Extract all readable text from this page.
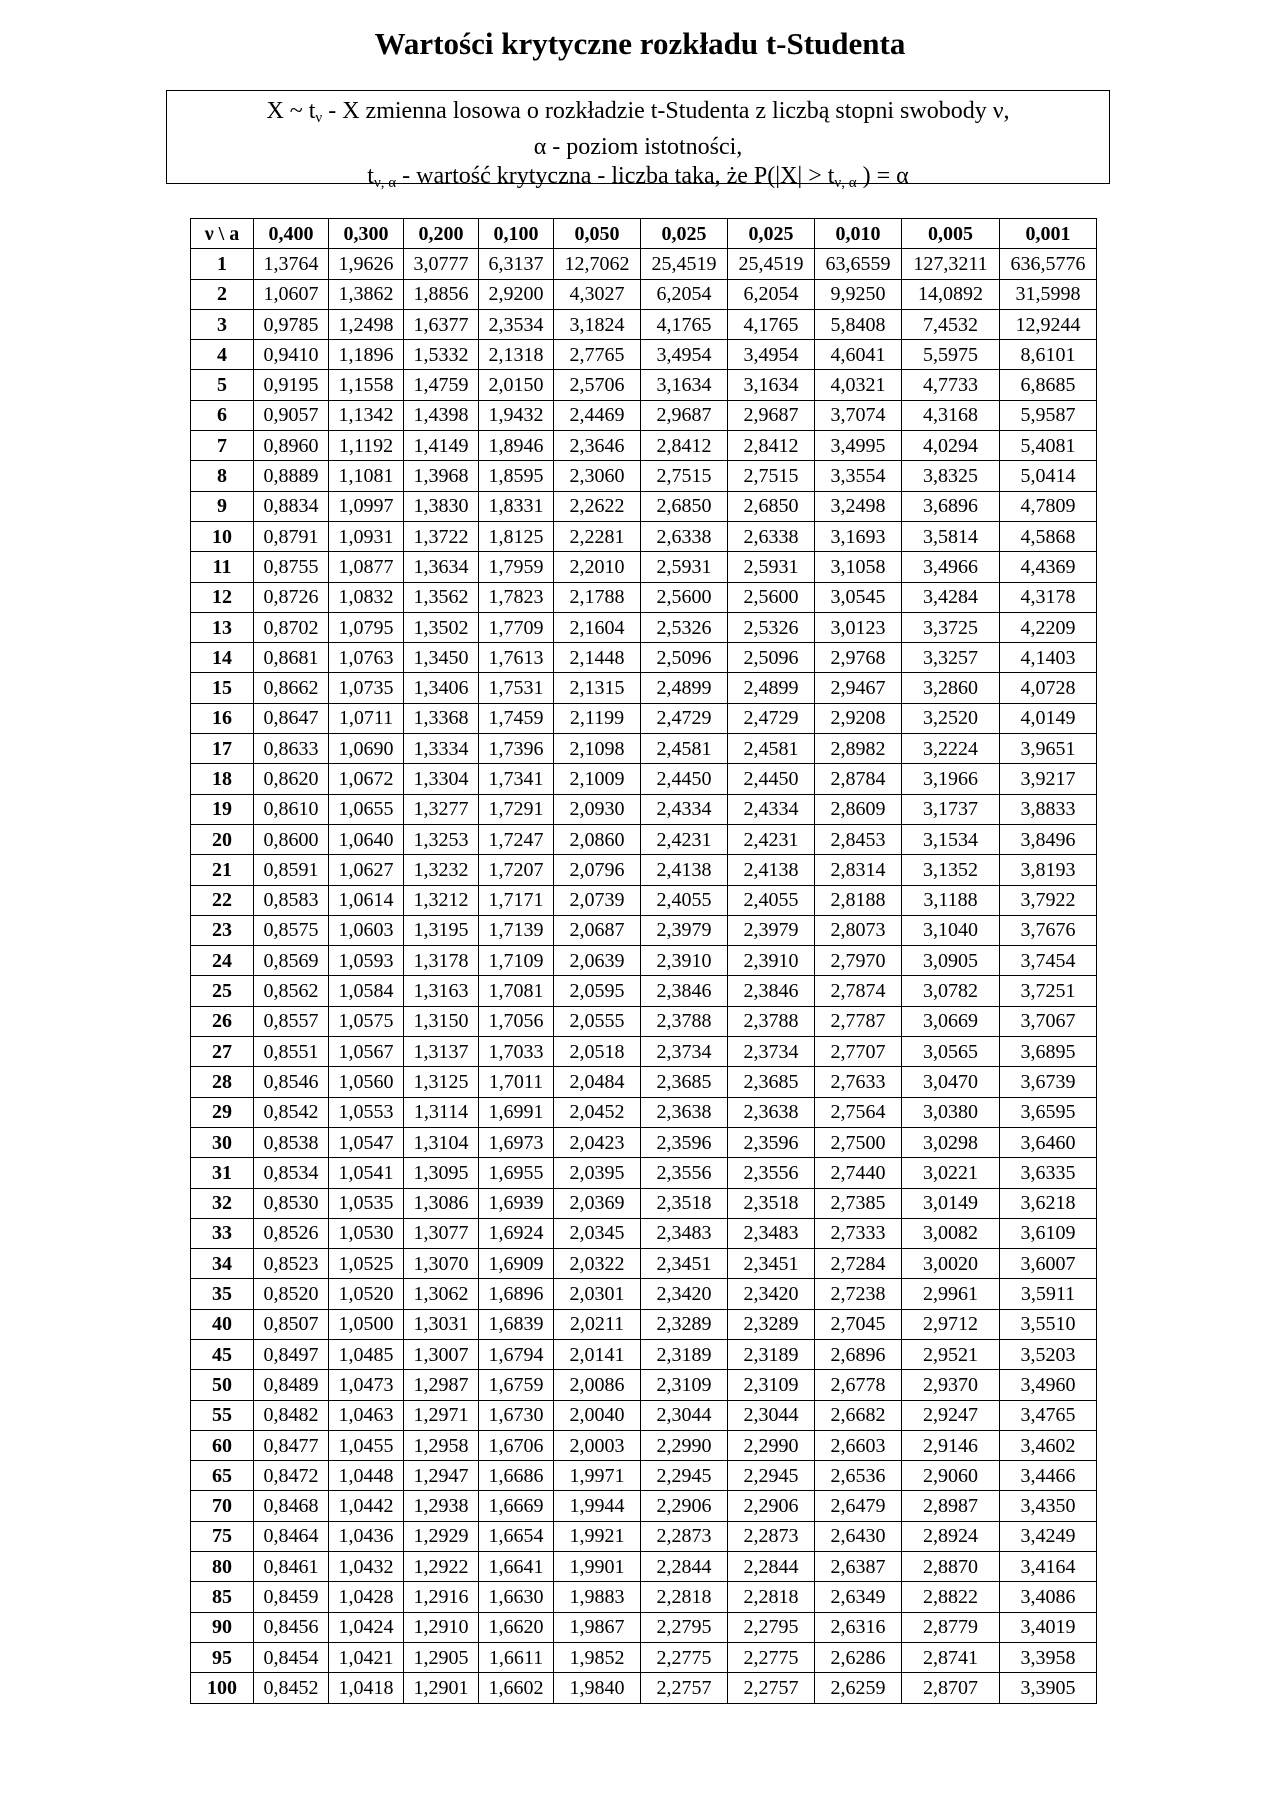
Wartości krytyczne rozkładu t-Studenta
X ~ tν - X zmienna losowa o rozkładzie t-Studenta z liczbą stopni swobody ν,
α - poziom istotności,
tν, α - wartość krytyczna - liczba taka, że P(|X| > tν, α ) = α
ν \ a	0,400	0,300	0,200	0,100	0,050	0,025	0,025	0,010	0,005	0,001
1	1,3764	1,9626	3,0777	6,3137	12,7062	25,4519	25,4519	63,6559	127,3211	636,5776
2	1,0607	1,3862	1,8856	2,9200	4,3027	6,2054	6,2054	9,9250	14,0892	31,5998
3	0,9785	1,2498	1,6377	2,3534	3,1824	4,1765	4,1765	5,8408	7,4532	12,9244
4	0,9410	1,1896	1,5332	2,1318	2,7765	3,4954	3,4954	4,6041	5,5975	8,6101
5	0,9195	1,1558	1,4759	2,0150	2,5706	3,1634	3,1634	4,0321	4,7733	6,8685
6	0,9057	1,1342	1,4398	1,9432	2,4469	2,9687	2,9687	3,7074	4,3168	5,9587
7	0,8960	1,1192	1,4149	1,8946	2,3646	2,8412	2,8412	3,4995	4,0294	5,4081
8	0,8889	1,1081	1,3968	1,8595	2,3060	2,7515	2,7515	3,3554	3,8325	5,0414
9	0,8834	1,0997	1,3830	1,8331	2,2622	2,6850	2,6850	3,2498	3,6896	4,7809
10	0,8791	1,0931	1,3722	1,8125	2,2281	2,6338	2,6338	3,1693	3,5814	4,5868
11	0,8755	1,0877	1,3634	1,7959	2,2010	2,5931	2,5931	3,1058	3,4966	4,4369
12	0,8726	1,0832	1,3562	1,7823	2,1788	2,5600	2,5600	3,0545	3,4284	4,3178
13	0,8702	1,0795	1,3502	1,7709	2,1604	2,5326	2,5326	3,0123	3,3725	4,2209
14	0,8681	1,0763	1,3450	1,7613	2,1448	2,5096	2,5096	2,9768	3,3257	4,1403
15	0,8662	1,0735	1,3406	1,7531	2,1315	2,4899	2,4899	2,9467	3,2860	4,0728
16	0,8647	1,0711	1,3368	1,7459	2,1199	2,4729	2,4729	2,9208	3,2520	4,0149
17	0,8633	1,0690	1,3334	1,7396	2,1098	2,4581	2,4581	2,8982	3,2224	3,9651
18	0,8620	1,0672	1,3304	1,7341	2,1009	2,4450	2,4450	2,8784	3,1966	3,9217
19	0,8610	1,0655	1,3277	1,7291	2,0930	2,4334	2,4334	2,8609	3,1737	3,8833
20	0,8600	1,0640	1,3253	1,7247	2,0860	2,4231	2,4231	2,8453	3,1534	3,8496
21	0,8591	1,0627	1,3232	1,7207	2,0796	2,4138	2,4138	2,8314	3,1352	3,8193
22	0,8583	1,0614	1,3212	1,7171	2,0739	2,4055	2,4055	2,8188	3,1188	3,7922
23	0,8575	1,0603	1,3195	1,7139	2,0687	2,3979	2,3979	2,8073	3,1040	3,7676
24	0,8569	1,0593	1,3178	1,7109	2,0639	2,3910	2,3910	2,7970	3,0905	3,7454
25	0,8562	1,0584	1,3163	1,7081	2,0595	2,3846	2,3846	2,7874	3,0782	3,7251
26	0,8557	1,0575	1,3150	1,7056	2,0555	2,3788	2,3788	2,7787	3,0669	3,7067
27	0,8551	1,0567	1,3137	1,7033	2,0518	2,3734	2,3734	2,7707	3,0565	3,6895
28	0,8546	1,0560	1,3125	1,7011	2,0484	2,3685	2,3685	2,7633	3,0470	3,6739
29	0,8542	1,0553	1,3114	1,6991	2,0452	2,3638	2,3638	2,7564	3,0380	3,6595
30	0,8538	1,0547	1,3104	1,6973	2,0423	2,3596	2,3596	2,7500	3,0298	3,6460
31	0,8534	1,0541	1,3095	1,6955	2,0395	2,3556	2,3556	2,7440	3,0221	3,6335
32	0,8530	1,0535	1,3086	1,6939	2,0369	2,3518	2,3518	2,7385	3,0149	3,6218
33	0,8526	1,0530	1,3077	1,6924	2,0345	2,3483	2,3483	2,7333	3,0082	3,6109
34	0,8523	1,0525	1,3070	1,6909	2,0322	2,3451	2,3451	2,7284	3,0020	3,6007
35	0,8520	1,0520	1,3062	1,6896	2,0301	2,3420	2,3420	2,7238	2,9961	3,5911
40	0,8507	1,0500	1,3031	1,6839	2,0211	2,3289	2,3289	2,7045	2,9712	3,5510
45	0,8497	1,0485	1,3007	1,6794	2,0141	2,3189	2,3189	2,6896	2,9521	3,5203
50	0,8489	1,0473	1,2987	1,6759	2,0086	2,3109	2,3109	2,6778	2,9370	3,4960
55	0,8482	1,0463	1,2971	1,6730	2,0040	2,3044	2,3044	2,6682	2,9247	3,4765
60	0,8477	1,0455	1,2958	1,6706	2,0003	2,2990	2,2990	2,6603	2,9146	3,4602
65	0,8472	1,0448	1,2947	1,6686	1,9971	2,2945	2,2945	2,6536	2,9060	3,4466
70	0,8468	1,0442	1,2938	1,6669	1,9944	2,2906	2,2906	2,6479	2,8987	3,4350
75	0,8464	1,0436	1,2929	1,6654	1,9921	2,2873	2,2873	2,6430	2,8924	3,4249
80	0,8461	1,0432	1,2922	1,6641	1,9901	2,2844	2,2844	2,6387	2,8870	3,4164
85	0,8459	1,0428	1,2916	1,6630	1,9883	2,2818	2,2818	2,6349	2,8822	3,4086
90	0,8456	1,0424	1,2910	1,6620	1,9867	2,2795	2,2795	2,6316	2,8779	3,4019
95	0,8454	1,0421	1,2905	1,6611	1,9852	2,2775	2,2775	2,6286	2,8741	3,3958
100	0,8452	1,0418	1,2901	1,6602	1,9840	2,2757	2,2757	2,6259	2,8707	3,3905
